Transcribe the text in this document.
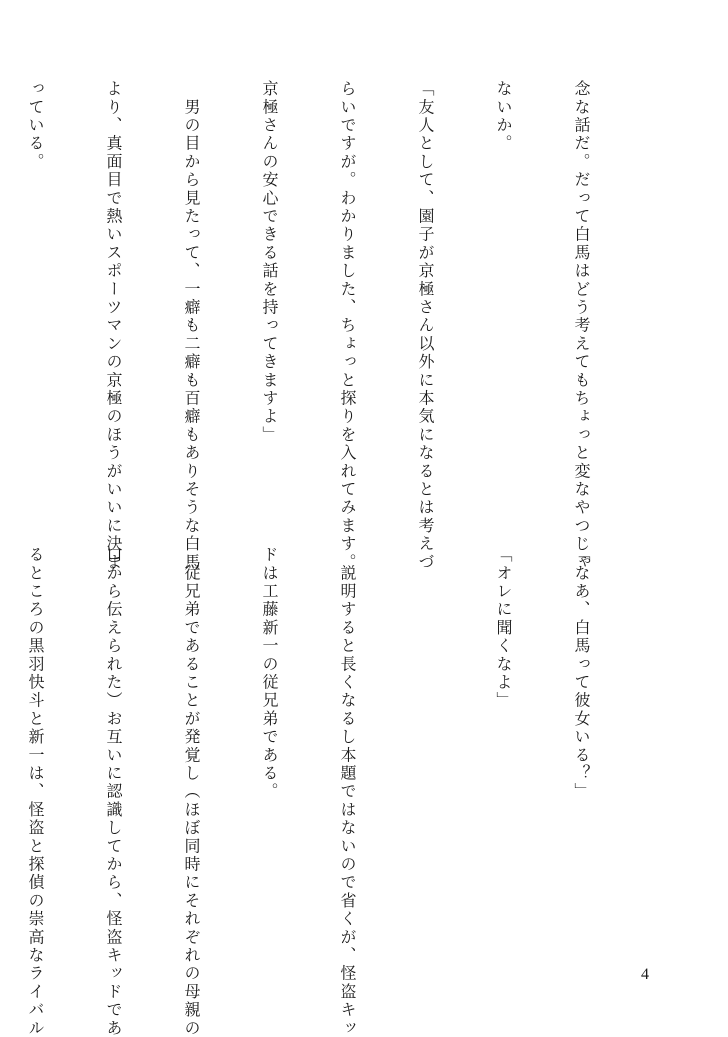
念な話だ。だって白馬はどう考えてもちょっと変なやつじゃ

ないか。

「友人として、園子が京極さん以外に本気になるとは考えづ

らいですが。わかりました、ちょっと探りを入れてみます。

京極さんの安心できる話を持ってきますよ」

　男の目から見たって、一癖も二癖も百癖もありそうな白馬

より、真面目で熱いスポーツマンの京極のほうがいいに決ま

っている。

「なあ、白馬って彼女いる？」

「オレに聞くなよ」

　説明すると長くなるし本題ではないので省くが、怪盗キッ

ドは工藤新一の従兄弟である。

　従兄弟であることが発覚し（ほぼ同時にそれぞれの母親の

口から伝えられた）お互いに認識してから、怪盗キッドであ

るところの黒羽快斗と新一は、怪盗と探偵の崇高なライバル

	4
